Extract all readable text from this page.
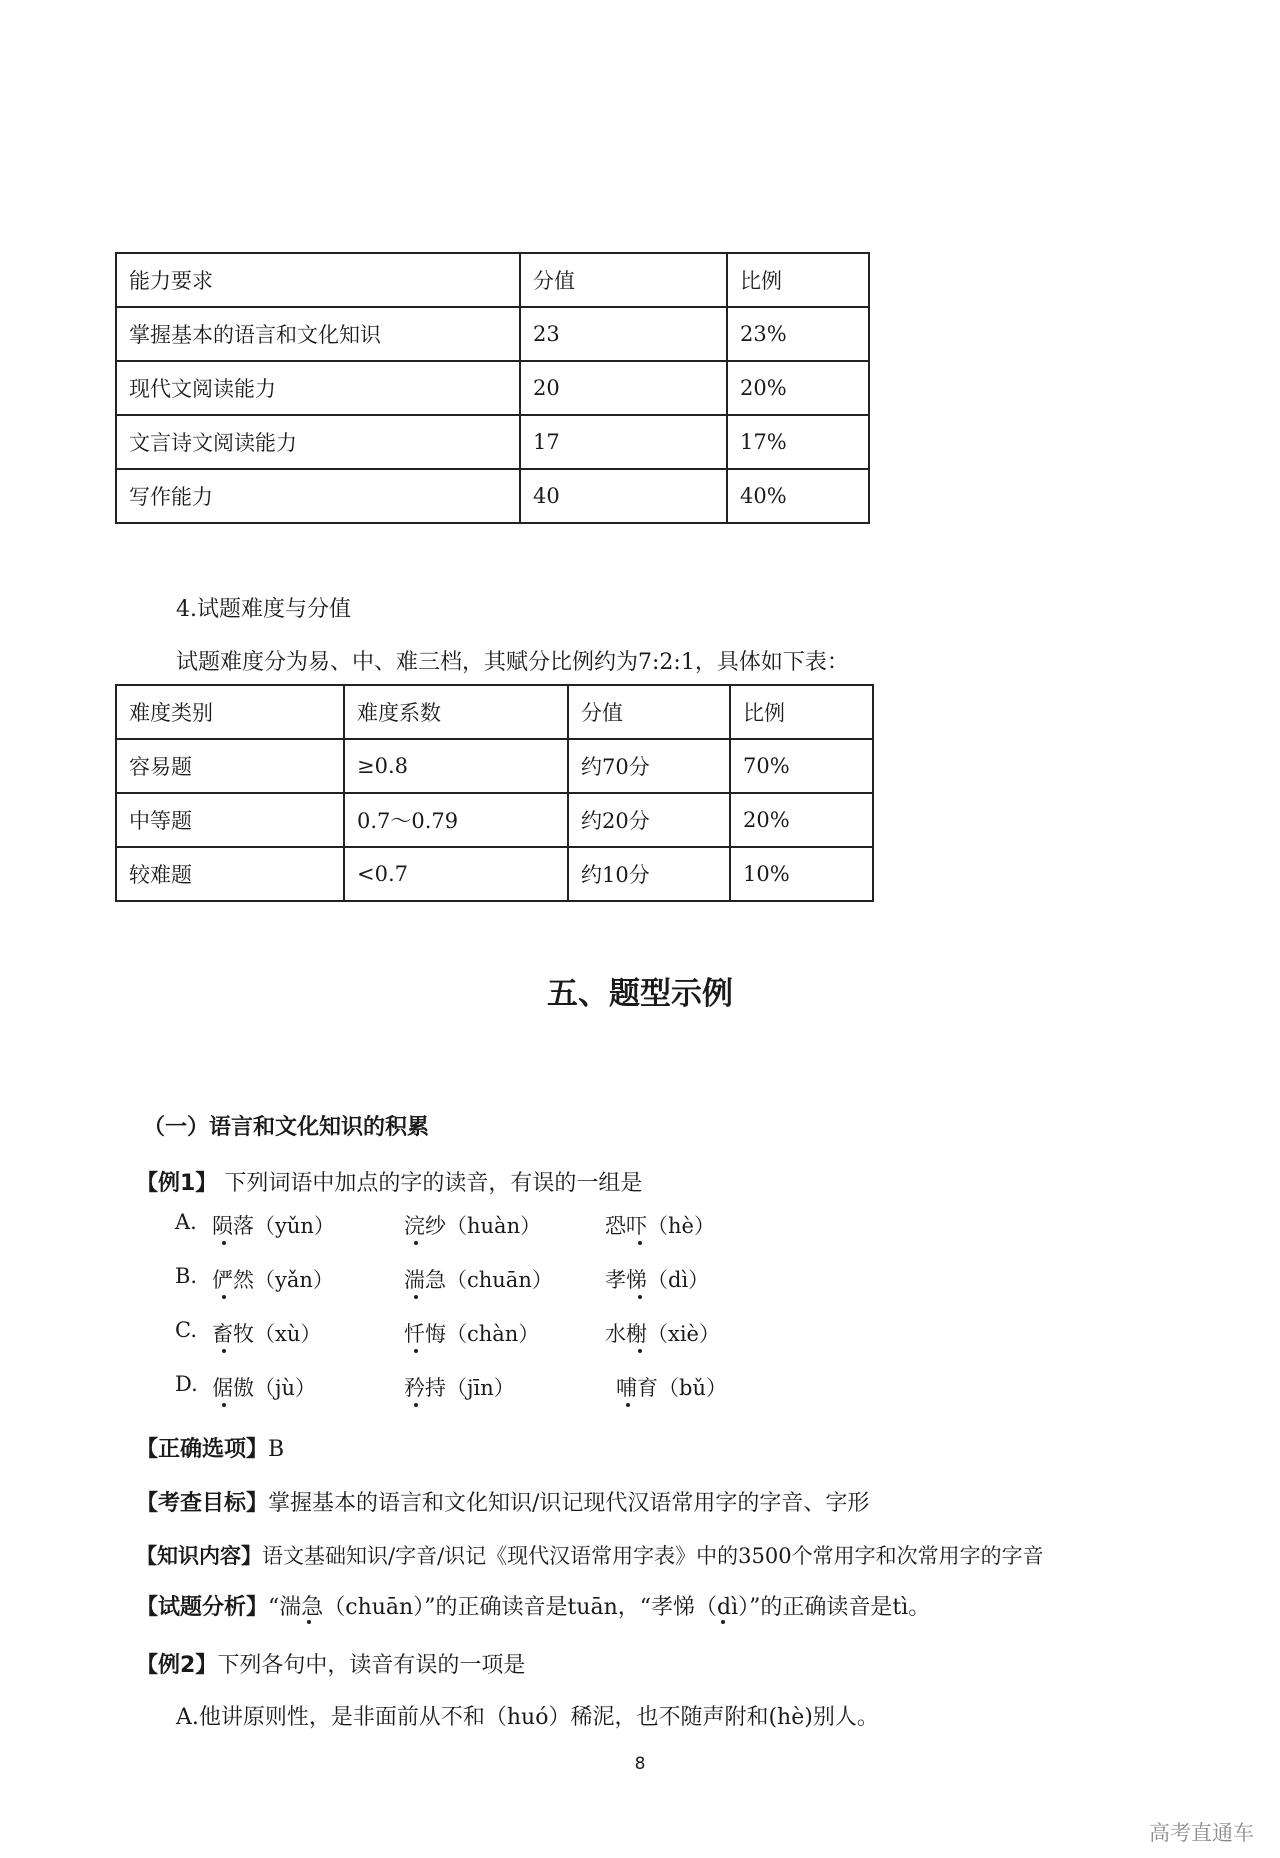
能力要求	分值	比例
掌握基本的语言和文化知识	23	23%
现代文阅读能力	20	20%
文言诗文阅读能力	17	17%
写作能力	40	40%
4.试题难度与分值
试题难度分为易、中、难三档，其赋分比例约为7:2:1，具体如下表：
难度类别	难度系数	分值	比例
容易题	≥0.8	约70分	70%
中等题	0.7～0.79	约20分	20%
较难题	<0.7	约10分	10%
五、题型示例
（一）语言和文化知识的积累
【例1】 下列词语中加点的字的读音，有误的一组是
A. 陨落（yǔn）	浣纱（huàn）	恐吓（hè）
B. 俨然（yǎn）	湍急（chuān） 孝悌（dì）
C. 畜牧（xù）	忏悔（chàn）	水榭（xiè）
D. 倨傲（jù）	矜持（jīn）	哺育（bǔ）
【正确选项】B
【考查目标】掌握基本的语言和文化知识/识记现代汉语常用字的字音、字形
【知识内容】语文基础知识/字音/识记《现代汉语常用字表》中的3500个常用字和次常用字的字音
【试题分析】“湍急（chuān）”的正确读音是tuān，“孝悌（dì）”的正确读音是tì。
【例2】下列各句中，读音有误的一项是
A.他讲原则性，是非面前从不和（huó）稀泥，也不随声附和(hè)别人。
8
高考直通车
